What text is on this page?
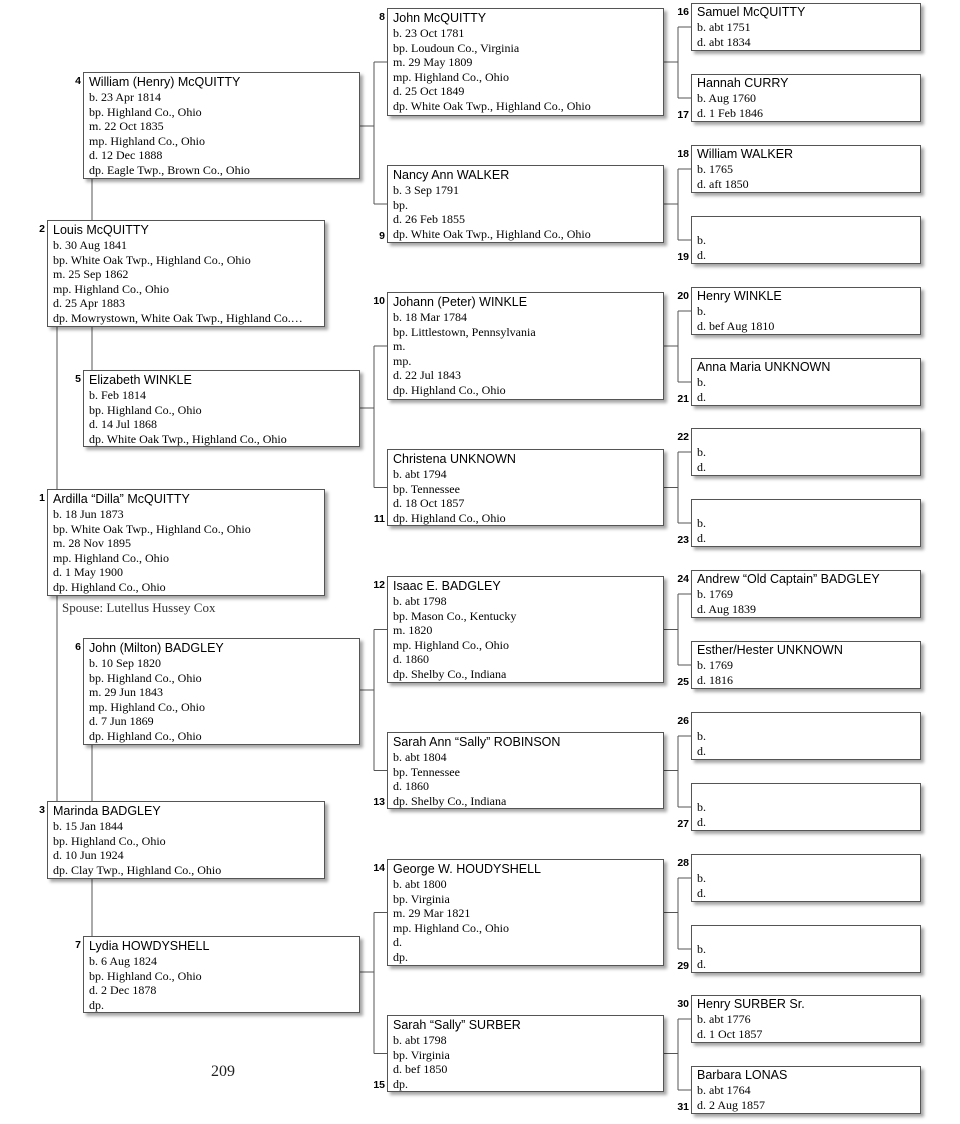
Ardilla “Dilla” McQUITTY
b. 18 Jun 1873
bp. White Oak Twp., Highland Co., Ohio
m. 28 Nov 1895
mp. Highland Co., Ohio
d. 1 May 1900
dp. Highland Co., Ohio
1
Louis McQUITTY
b. 30 Aug 1841
bp. White Oak Twp., Highland Co., Ohio
m. 25 Sep 1862
mp. Highland Co., Ohio
d. 25 Apr 1883
dp. Mowrystown, White Oak Twp., Highland Co.…
2
Marinda BADGLEY
b. 15 Jan 1844
bp. Highland Co., Ohio
d. 10 Jun 1924
dp. Clay Twp., Highland Co., Ohio
3
William (Henry) McQUITTY
b. 23 Apr 1814
bp. Highland Co., Ohio
m. 22 Oct 1835
mp. Highland Co., Ohio
d. 12 Dec 1888
dp. Eagle Twp., Brown Co., Ohio
4
Elizabeth WINKLE
b. Feb 1814
bp. Highland Co., Ohio
d. 14 Jul 1868
dp. White Oak Twp., Highland Co., Ohio
5
John (Milton) BADGLEY
b. 10 Sep 1820
bp. Highland Co., Ohio
m. 29 Jun 1843
mp. Highland Co., Ohio
d. 7 Jun 1869
dp. Highland Co., Ohio
6
Lydia HOWDYSHELL
b. 6 Aug 1824
bp. Highland Co., Ohio
d. 2 Dec 1878
dp.
7
John McQUITTY
b. 23 Oct 1781
bp. Loudoun Co., Virginia
m. 29 May 1809
mp. Highland Co., Ohio
d. 25 Oct 1849
dp. White Oak Twp., Highland Co., Ohio
8
Nancy Ann WALKER
b. 3 Sep 1791
bp.
d. 26 Feb 1855
dp. White Oak Twp., Highland Co., Ohio
9
Johann (Peter) WINKLE
b. 18 Mar 1784
bp. Littlestown, Pennsylvania
m.
mp.
d. 22 Jul 1843
dp. Highland Co., Ohio
10
Christena UNKNOWN
b. abt 1794
bp. Tennessee
d. 18 Oct 1857
dp. Highland Co., Ohio
11
Isaac E. BADGLEY
b. abt 1798
bp. Mason Co., Kentucky
m. 1820
mp. Highland Co., Ohio
d. 1860
dp. Shelby Co., Indiana
12
Sarah Ann “Sally” ROBINSON
b. abt 1804
bp. Tennessee
d. 1860
dp. Shelby Co., Indiana
13
George W. HOUDYSHELL
b. abt 1800
bp. Virginia
m. 29 Mar 1821
mp. Highland Co., Ohio
d.
dp.
14
Sarah “Sally” SURBER
b. abt 1798
bp. Virginia
d. bef 1850
dp.
15
Samuel McQUITTY
b. abt 1751
d. abt 1834
16
Hannah CURRY
b. Aug 1760
d. 1 Feb 1846
17
William WALKER
b. 1765
d. aft 1850
18

b.
d.
19
Henry WINKLE
b.
d. bef Aug 1810
20
Anna Maria UNKNOWN
b.
d.
21

b.
d.
22

b.
d.
23
Andrew “Old Captain” BADGLEY
b. 1769
d. Aug 1839
24
Esther/Hester UNKNOWN
b. 1769
d. 1816
25

b.
d.
26

b.
d.
27

b.
d.
28

b.
d.
29
Henry SURBER Sr.
b. abt 1776
d. 1 Oct 1857
30
Barbara LONAS
b. abt 1764
d. 2 Aug 1857
31
Spouse: Lutellus Hussey Cox
209
